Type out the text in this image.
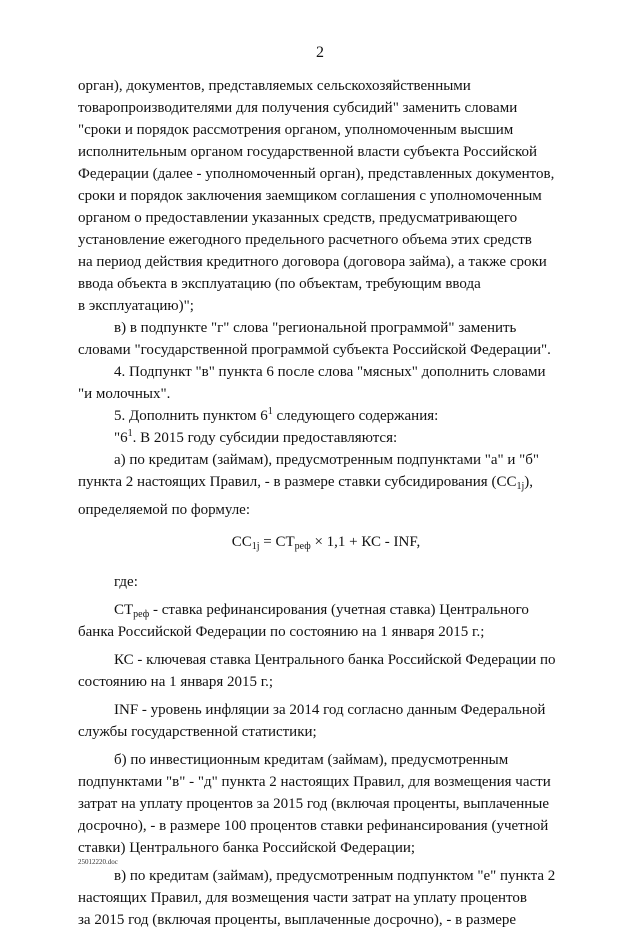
2
орган), документов, представляемых сельскохозяйственными
товаропроизводителями для получения субсидий" заменить словами
"сроки и порядок рассмотрения органом, уполномоченным высшим
исполнительным органом государственной власти субъекта Российской
Федерации (далее - уполномоченный орган), представленных документов,
сроки и порядок заключения заемщиком соглашения с уполномоченным
органом о предоставлении указанных средств, предусматривающего
установление ежегодного предельного расчетного объема этих средств
на период действия кредитного договора (договора займа), а также сроки
ввода объекта в эксплуатацию (по объектам, требующим ввода
в эксплуатацию)";
в) в подпункте "г" слова "региональной программой" заменить
словами "государственной программой субъекта Российской Федерации".
4. Подпункт "в" пункта 6 после слова "мясных" дополнить словами
"и молочных".
5. Дополнить пунктом $6^1$ следующего содержания:
"$6^1$. В 2015 году субсидии предоставляются:
а) по кредитам (займам), предусмотренным подпунктами "а" и "б"
пункта 2 настоящих Правил, - в размере ставки субсидирования $(СС_{1j})$,
определяемой по формуле:
$СС_{1j} = СТ_{реф} \times 1,1$ + КС - INF,
где:
$СТ_{реф}$ - ставка рефинансирования (учетная ставка) Центрального
банка Российской Федерации по состоянию на 1 января 2015 г.;
КС - ключевая ставка Центрального банка Российской Федерации по
состоянию на 1 января 2015 г.;
INF - уровень инфляции за 2014 год согласно данным Федеральной
службы государственной статистики;
б) по инвестиционным кредитам (займам), предусмотренным
подпунктами "в" - "д" пункта 2 настоящих Правил, для возмещения части
затрат на уплату процентов за 2015 год (включая проценты, выплаченные
досрочно), - в размере 100 процентов ставки рефинансирования (учетной
ставки) Центрального банка Российской Федерации;
в) по кредитам (займам), предусмотренным подпунктом "е" пункта 2
настоящих Правил, для возмещения части затрат на уплату процентов
за 2015 год (включая проценты, выплаченные досрочно), - в размере
25012220.doc
